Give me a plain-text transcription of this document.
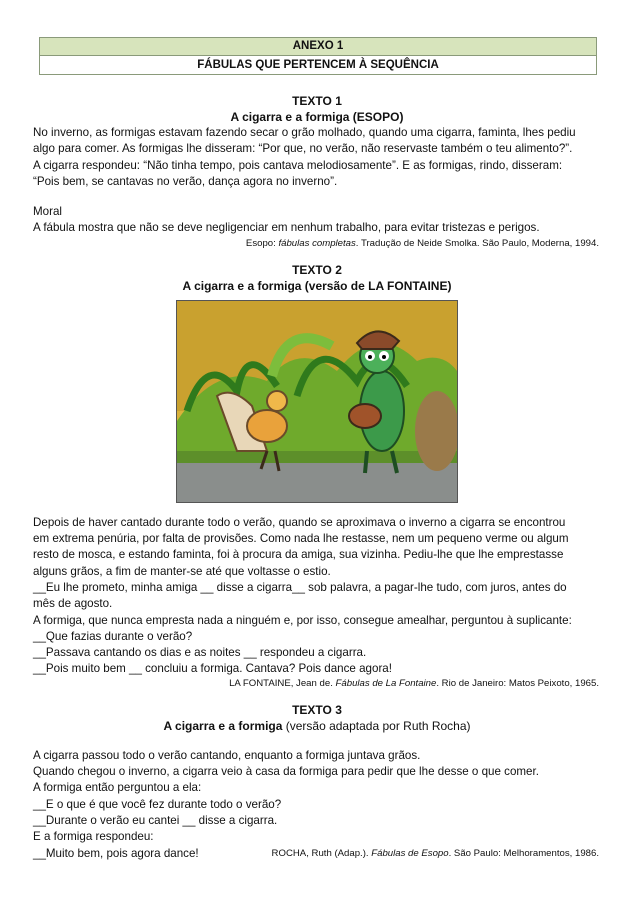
ANEXO 1
FÁBULAS QUE PERTENCEM À SEQUÊNCIA
TEXTO 1
A cigarra e a formiga (ESOPO)

No inverno, as formigas estavam fazendo secar o grão molhado, quando uma cigarra, faminta, lhes pediu

algo para comer. As formigas lhe disseram: “Por que, no verão, não reservaste também o teu alimento?”.

A cigarra respondeu: “Não tinha tempo, pois cantava melodiosamente”. E as formigas, rindo, disseram:

“Pois bem, se cantavas no verão, dança agora no inverno”.

Moral

A fábula mostra que não se deve negligenciar em nenhum trabalho, para evitar tristezas e perigos.

Esopo: fábulas completas. Tradução de Neide Smolka. São Paulo, Moderna, 1994.
TEXTO 2
A cigarra e a formiga (versão de LA FONTAINE)

Depois de haver cantado durante todo o verão, quando se aproximava o inverno a cigarra se encontrou

em extrema penúria, por falta de provisões. Como nada lhe restasse, nem um pequeno verme ou algum

resto de mosca, e estando faminta, foi à procura da amiga, sua vizinha. Pediu-lhe que lhe emprestasse

alguns grãos, a fim de manter-se até que voltasse o estio.

__Eu lhe prometo, minha amiga __ disse a cigarra__ sob palavra, a pagar-lhe tudo, com juros, antes do

mês de agosto.

A formiga, que nunca empresta nada a ninguém e, por isso, consegue amealhar, perguntou à suplicante:

__Que fazias durante o verão?

__Passava cantando os dias e as noites __ respondeu a cigarra.

__Pois muito bem __ concluiu a formiga. Cantava? Pois dance agora!

LA FONTAINE, Jean de. Fábulas de La Fontaine. Rio de Janeiro: Matos Peixoto, 1965.
TEXTO 3
A cigarra e a formiga (versão adaptada por Ruth Rocha)

A cigarra passou todo o verão cantando, enquanto a formiga juntava grãos.

Quando chegou o inverno, a cigarra veio à casa da formiga para pedir que lhe desse o que comer.

A formiga então perguntou a ela:

__E o que é que você fez durante todo o verão?

__Durante o verão eu cantei __ disse a cigarra.

E a formiga respondeu:

__Muito bem, pois agora dance!	ROCHA, Ruth (Adap.). Fábulas de Esopo. São Paulo: Melhoramentos, 1986.
